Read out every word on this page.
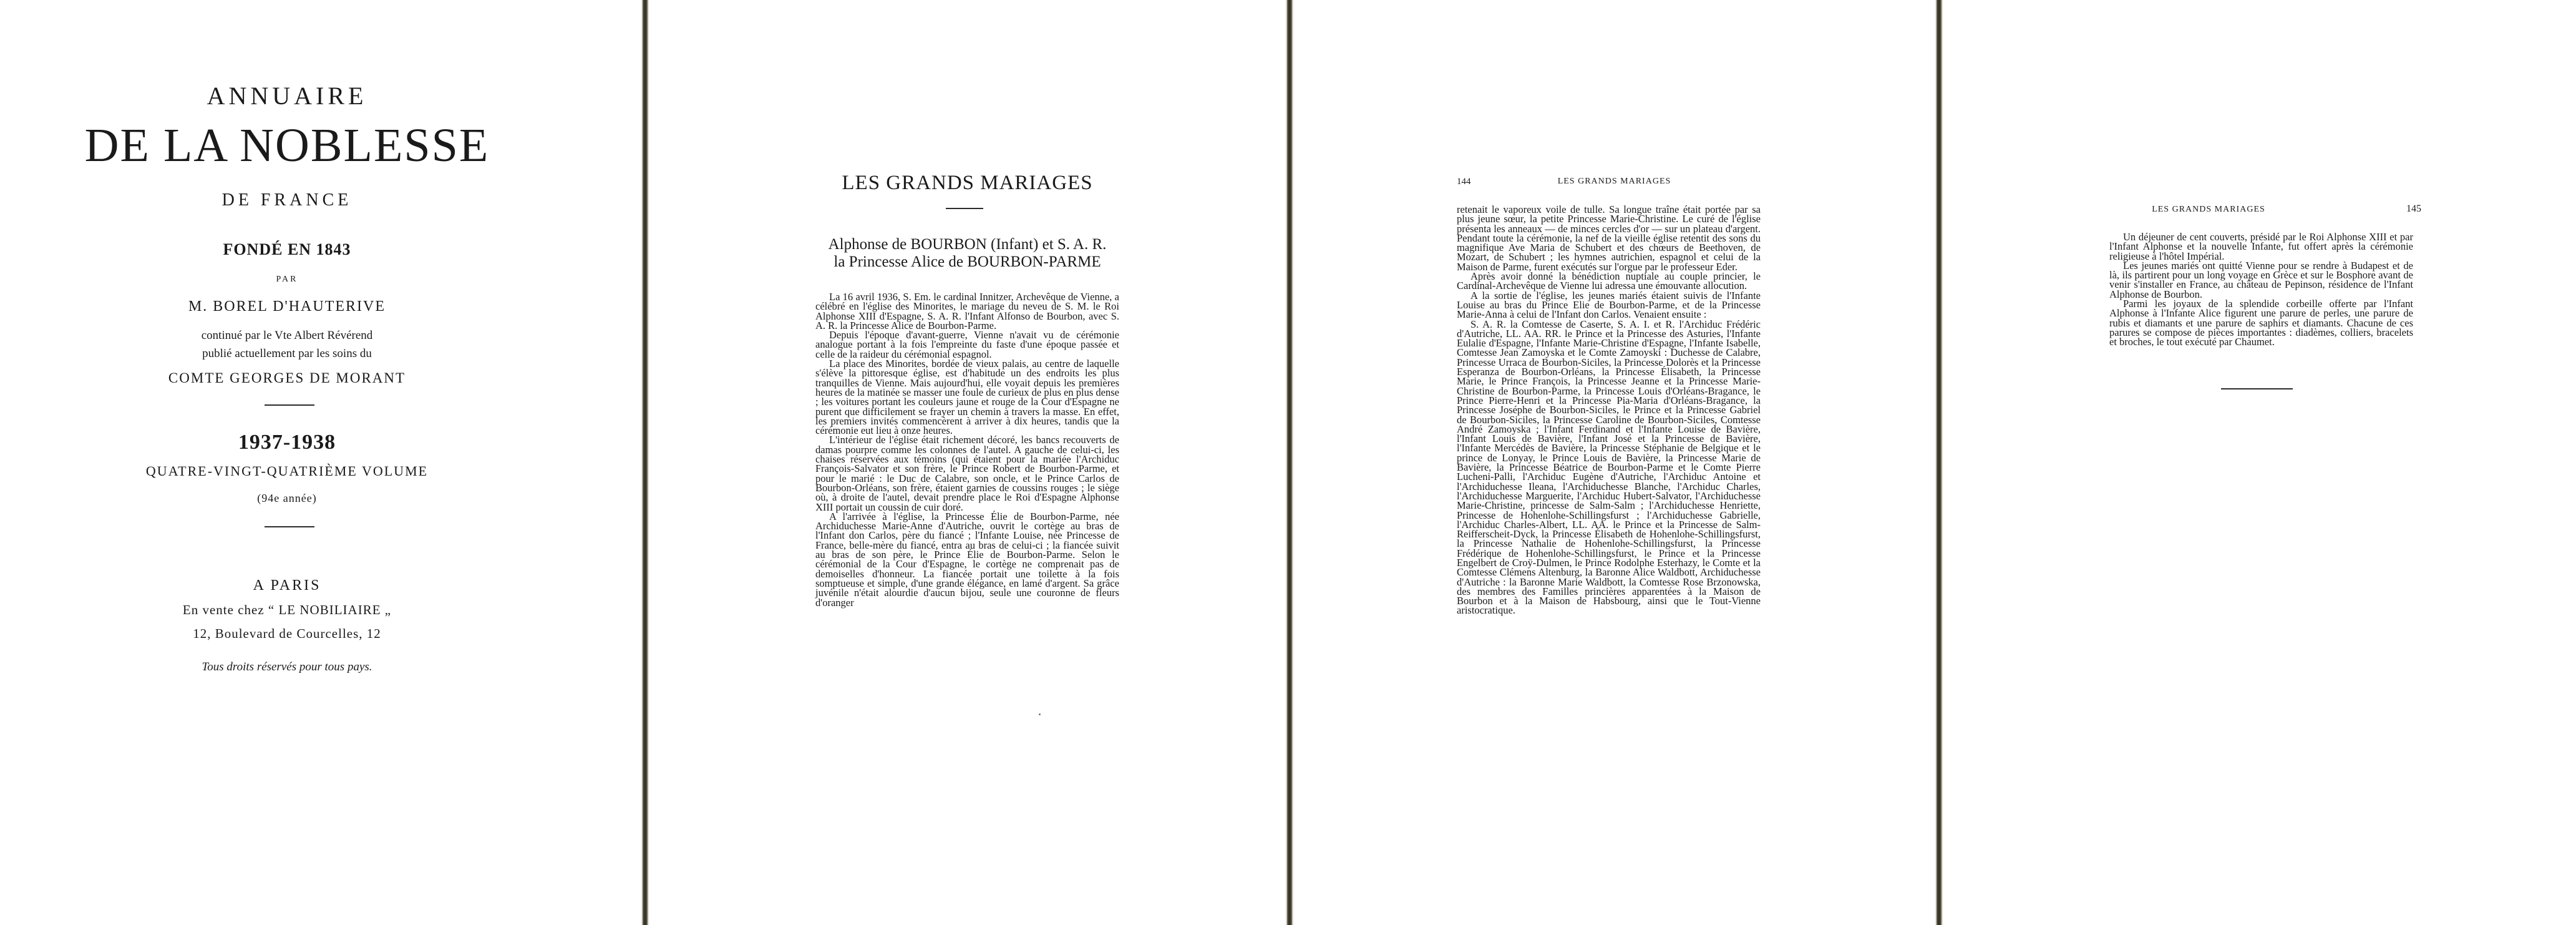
ANNUAIRE
DE LA NOBLESSE
DE FRANCE
FONDÉ EN 1843
PAR
M. BOREL D'HAUTERIVE
continué par le Vte Albert Révérend
publié actuellement par les soins du
COMTE GEORGES DE MORANT
1937-1938
QUATRE-VINGT-QUATRIÈME VOLUME
(94e année)
A PARIS
En vente chez “ LE NOBILIAIRE „
12, Boulevard de Courcelles, 12
Tous droits réservés pour tous pays.
LES GRANDS MARIAGES
Alphonse de BOURBON (Infant) et S. A. R.
la Princesse Alice de BOURBON-PARME

La 16 avril 1936, S. Em. le cardinal Innitzer, Archevêque de Vienne, a célébré en l'église des Minorites, le mariage du neveu de S. M. le Roi Alphonse XIII d'Espagne, S. A. R. l'Infant Alfonso de Bourbon, avec S. A. R. la Princesse Alice de Bourbon-Parme.

Depuis l'époque d'avant-guerre, Vienne n'avait vu de cérémonie analogue portant à la fois l'empreinte du faste d'une époque passée et celle de la raideur du cérémonial espagnol.

La place des Minorites, bordée de vieux palais, au centre de laquelle s'élève la pittoresque église, est d'habitude un des endroits les plus tranquilles de Vienne. Mais aujourd'hui, elle voyait depuis les premières heures de la matinée se masser une foule de curieux de plus en plus dense ; les voitures portant les couleurs jaune et rouge de la Cour d'Espagne ne purent que difficilement se frayer un chemin à travers la masse. En effet, les premiers invités commencèrent à arriver à dix heures, tandis que la cérémonie eut lieu à onze heures.

L'intérieur de l'église était richement décoré, les bancs recouverts de damas pourpre comme les colonnes de l'autel. A gauche de celui-ci, les chaises réservées aux témoins (qui étaient pour la mariée l'Archiduc François-Salvator et son frère, le Prince Robert de Bourbon-Parme, et pour le marié : le Duc de Calabre, son oncle, et le Prince Carlos de Bourbon-Orléans, son frère, étaient garnies de coussins rouges ; le siège où, à droite de l'autel, devait prendre place le Roi d'Espagne Alphonse XIII portait un coussin de cuir doré.

A l'arrivée à l'église, la Princesse Élie de Bourbon-Parme, née Archiduchesse Marie-Anne d'Autriche, ouvrit le cortège au bras de l'Infant don Carlos, père du fiancé ; l'Infante Louise, née Princesse de France, belle-mère du fiancé, entra au bras de celui-ci ; la fiancée suivit au bras de son père, le Prince Élie de Bourbon-Parme. Selon le cérémonial de la Cour d'Espagne, le cortège ne comprenait pas de demoiselles d'honneur. La fiancée portait une toilette à la fois somptueuse et simple, d'une grande élégance, en lamé d'argent. Sa grâce juvénile n'était alourdie d'aucun bijou, seule une couronne de fleurs d'oranger

144	LES GRANDS MARIAGES

retenait le vaporeux voile de tulle. Sa longue traîne était portée par sa plus jeune sœur, la petite Princesse Marie-Christine. Le curé de l'église présenta les anneaux — de minces cercles d'or — sur un plateau d'argent. Pendant toute la cérémonie, la nef de la vieille église retentit des sons du magnifique Ave Maria de Schubert et des chœurs de Beethoven, de Mozart, de Schubert ; les hymnes autrichien, espagnol et celui de la Maison de Parme, furent exécutés sur l'orgue par le professeur Eder.

Après avoir donné la bénédiction nuptiale au couple princier, le Cardinal-Archevêque de Vienne lui adressa une émouvante allocution.

A la sortie de l'église, les jeunes mariés étaient suivis de l'Infante Louise au bras du Prince Elie de Bourbon-Parme, et de la Princesse Marie-Anna à celui de l'Infant don Carlos. Venaient ensuite :

S. A. R. la Comtesse de Caserte, S. A. I. et R. l'Archiduc Frédéric d'Autriche, LL. AA. RR. le Prince et la Princesse des Asturies, l'Infante Eulalie d'Espagne, l'Infante Marie-Christine d'Espagne, l'Infante Isabelle, Comtesse Jean Zamoyska et le Comte Zamoyski : Duchesse de Calabre, Princesse Urraca de Bourbon-Siciles, la Princesse Dolorès et la Princesse Esperanza de Bourbon-Orléans, la Princesse Élisabeth, la Princesse Marie, le Prince François, la Princesse Jeanne et la Princesse Marie-Christine de Bourbon-Parme, la Princesse Louis d'Orléans-Bragance, le Prince Pierre-Henri et la Princesse Pia-Maria d'Orléans-Bragance, la Princesse Joséphe de Bourbon-Siciles, le Prince et la Princesse Gabriel de Bourbon-Siciles, la Princesse Caroline de Bourbon-Siciles, Comtesse André Zamoyska ; l'Infant Ferdinand et l'Infante Louise de Bavière, l'Infant Louis de Bavière, l'Infant José et la Princesse de Bavière, l'Infante Mercédès de Bavière, la Princesse Stéphanie de Belgique et le prince de Lonyay, le Prince Louis de Bavière, la Princesse Marie de Bavière, la Princesse Béatrice de Bourbon-Parme et le Comte Pierre Lucheni-Palli, l'Archiduc Eugène d'Autriche, l'Archiduc Antoine et l'Archiduchesse Ileana, l'Archiduchesse Blanche, l'Archiduc Charles, l'Archiduchesse Marguerite, l'Archiduc Hubert-Salvator, l'Archiduchesse Marie-Christine, princesse de Salm-Salm ; l'Archiduchesse Henriette, Princesse de Hohenlohe-Schillingsfurst ; l'Archiduchesse Gabrielle, l'Archiduc Charles-Albert, LL. AA. le Prince et la Princesse de Salm-Reifferscheit-Dyck, la Princesse Élisabeth de Hohenlohe-Schillingsfurst, la Princesse Nathalie de Hohenlohe-Schillingsfurst, la Princesse Frédérique de Hohenlohe-Schillingsfurst, le Prince et la Princesse Engelbert de Croÿ-Dulmen, le Prince Rodolphe Esterhazy, le Comte et la Comtesse Clémens Altenburg, la Baronne Alice Waldbott, Archiduchesse d'Autriche : la Baronne Marie Waldbott, la Comtesse Rose Brzonowska, des membres des Familles princières apparentées à la Maison de Bourbon et à la Maison de Habsbourg, ainsi que le Tout-Vienne aristocratique.

LES GRANDS MARIAGES	145

Un déjeuner de cent couverts, présidé par le Roi Alphonse XIII et par l'Infant Alphonse et la nouvelle Infante, fut offert après la cérémonie religieuse à l'hôtel Impérial.

Les jeunes mariés ont quitté Vienne pour se rendre à Budapest et de là, ils partirent pour un long voyage en Grèce et sur le Bosphore avant de venir s'installer en France, au château de Pepinson, résidence de l'Infant Alphonse de Bourbon.

Parmi les joyaux de la splendide corbeille offerte par l'Infant Alphonse à l'Infante Alice figurent une parure de perles, une parure de rubis et diamants et une parure de saphirs et diamants. Chacune de ces parures se compose de pièces importantes : diadèmes, colliers, bracelets et broches, le tout exécuté par Chaumet.
